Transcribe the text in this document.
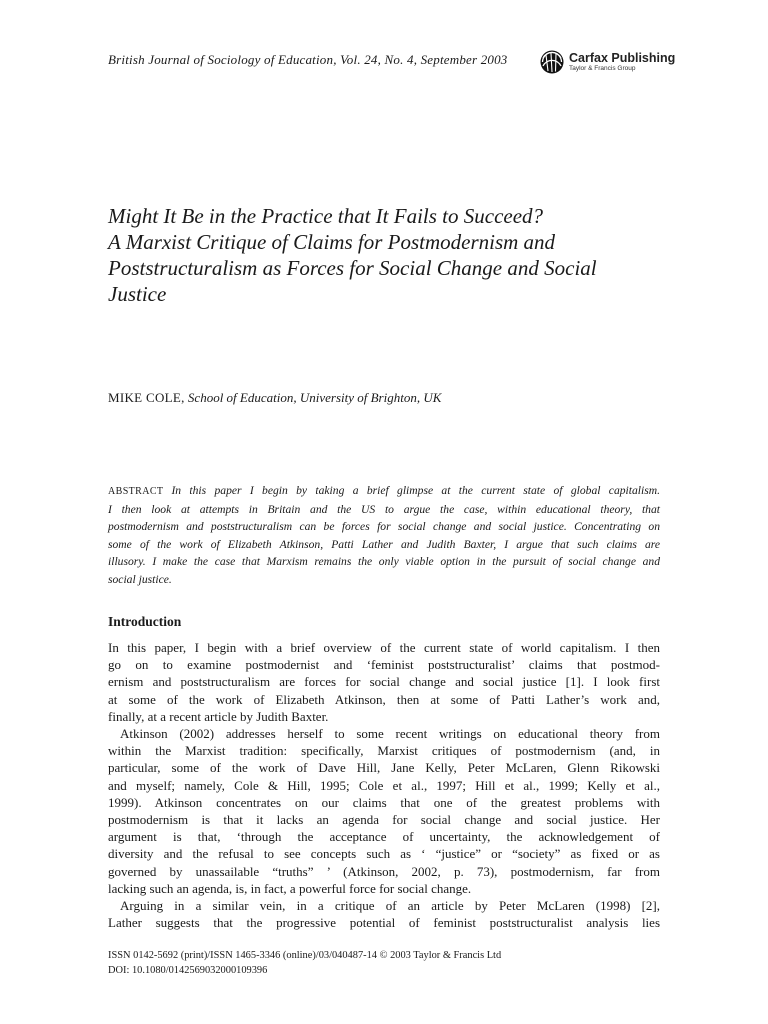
British Journal of Sociology of Education, Vol. 24, No. 4, September 2003	Carfax Publishing
Taylor & Francis Group
Might It Be in the Practice that It Fails to Succeed?
A Marxist Critique of Claims for Postmodernism and
Poststructuralism as Forces for Social Change and Social
Justice
MIKE COLE, School of Education, University of Brighton, UK
ABSTRACT In this paper I begin by taking a brief glimpse at the current state of global capitalism.
I then look at attempts in Britain and the US to argue the case, within educational theory, that
postmodernism and poststructuralism can be forces for social change and social justice. Concentrating on
some of the work of Elizabeth Atkinson, Patti Lather and Judith Baxter, I argue that such claims are
illusory. I make the case that Marxism remains the only viable option in the pursuit of social change and
social justice.
Introduction
In this paper, I begin with a brief overview of the current state of world capitalism. I then
go on to examine postmodernist and ‘feminist poststructuralist’ claims that postmod-
ernism and poststructuralism are forces for social change and social justice [1]. I look first
at some of the work of Elizabeth Atkinson, then at some of Patti Lather’s work and,
finally, at a recent article by Judith Baxter.
Atkinson (2002) addresses herself to some recent writings on educational theory from
within the Marxist tradition: specifically, Marxist critiques of postmodernism (and, in
particular, some of the work of Dave Hill, Jane Kelly, Peter McLaren, Glenn Rikowski
and myself; namely, Cole & Hill, 1995; Cole et al., 1997; Hill et al., 1999; Kelly et al.,
1999). Atkinson concentrates on our claims that one of the greatest problems with
postmodernism is that it lacks an agenda for social change and social justice. Her
argument is that, ‘through the acceptance of uncertainty, the acknowledgement of
diversity and the refusal to see concepts such as ‘ “justice” or “society” as fixed or as
governed by unassailable “truths” ’ (Atkinson, 2002, p. 73), postmodernism, far from
lacking such an agenda, is, in fact, a powerful force for social change.
Arguing in a similar vein, in a critique of an article by Peter McLaren (1998) [2],
Lather suggests that the progressive potential of feminist poststructuralist analysis lies
ISSN 0142-5692 (print)/ISSN 1465-3346 (online)/03/040487-14 © 2003 Taylor & Francis Ltd
DOI: 10.1080/0142569032000109396
